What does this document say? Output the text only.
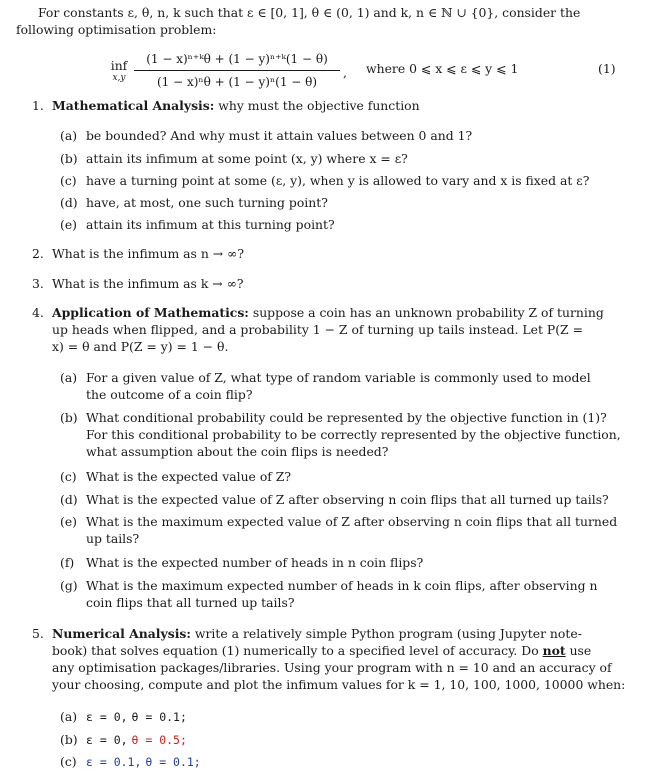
For constants ε, θ, n, k such that ε ∈ [0, 1], θ ∈ (0, 1) and k, n ∈ ℕ ∪ {0}, consider the
following optimisation problem:
inf
x,y
(1 − x)ⁿ⁺ᵏθ + (1 − y)ⁿ⁺ᵏ(1 − θ)
(1 − x)ⁿθ + (1 − y)ⁿ(1 − θ)
, where 0 ⩽ x ⩽ ε ⩽ y ⩽ 1	(1)
1. Mathematical Analysis: why must the objective function
(a) be bounded? And why must it attain values between 0 and 1?
(b) attain its infimum at some point (x, y) where x = ε?
(c) have a turning point at some (ε, y), when y is allowed to vary and x is fixed at ε?
(d) have, at most, one such turning point?
(e) attain its infimum at this turning point?
2. What is the infimum as n → ∞?
3. What is the infimum as k → ∞?
4. Application of Mathematics: suppose a coin has an unknown probability Z of turning
up heads when flipped, and a probability 1 − Z of turning up tails instead. Let P(Z =
x) = θ and P(Z = y) = 1 − θ.
(a) For a given value of Z, what type of random variable is commonly used to model
the outcome of a coin flip?
(b) What conditional probability could be represented by the objective function in (1)?
For this conditional probability to be correctly represented by the objective function,
what assumption about the coin flips is needed?
(c) What is the expected value of Z?
(d) What is the expected value of Z after observing n coin flips that all turned up tails?
(e) What is the maximum expected value of Z after observing n coin flips that all turned
up tails?
(f) What is the expected number of heads in n coin flips?
(g) What is the maximum expected number of heads in k coin flips, after observing n
coin flips that all turned up tails?
5. Numerical Analysis: write a relatively simple Python program (using Jupyter note-
book) that solves equation (1) numerically to a specified level of accuracy. Do not use
any optimisation packages/libraries. Using your program with n = 10 and an accuracy of
your choosing, compute and plot the infimum values for k = 1, 10, 100, 1000, 10000 when:
(a) ε = 0, θ = 0.1;
(b) ε = 0, θ = 0.5;
(c) ε = 0.1, θ = 0.1;
